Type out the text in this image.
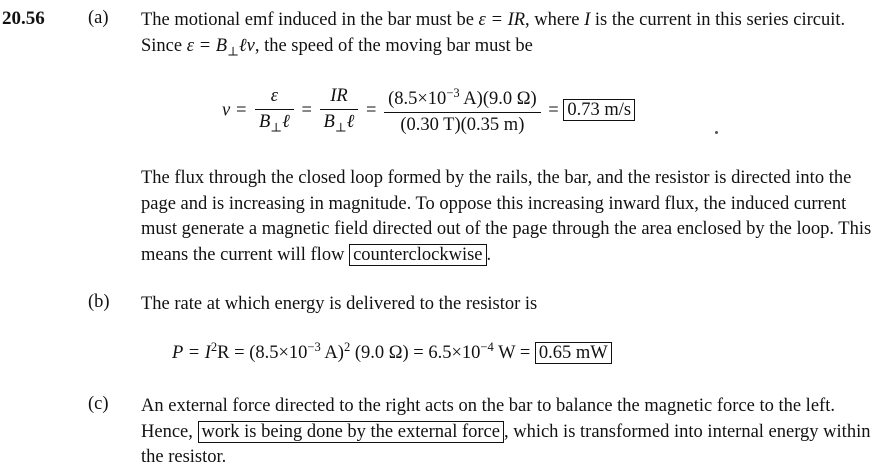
20.56 (a) The motional emf induced in the bar must be ε = IR, where I is the current in this series circuit. Since $\varepsilon = B_\perp\ell v$, the speed of the moving bar must be

$v = \frac{\varepsilon}{B_\perp\ell} = \frac{IR}{B_\perp\ell} = \frac{(8.5\times 10^{-3} A)(9.0 \Omega)}{(0.30 T)(0.35 m)} = 0.73$ m/s

The flux through the closed loop formed by the rails, the bar, and the resistor is directed into the page and is increasing in magnitude. To oppose this increasing inward flux, the induced current must generate a magnetic field directed out of the page through the area enclosed by the loop. This means the current will flow counterclockwise .

(b) The rate at which energy is delivered to the resistor is
$P = I^2R = (8.5\times 10^{-3}$ A)$^2$ (9.0 $\Omega) = 6.5\times 10^{-4}$ W = 0.65 mW
(c) An external force directed to the right acts on the bar to balance the magnetic force to the left. Hence, work is being done by the external force , which is transformed into internal energy within the resistor.
